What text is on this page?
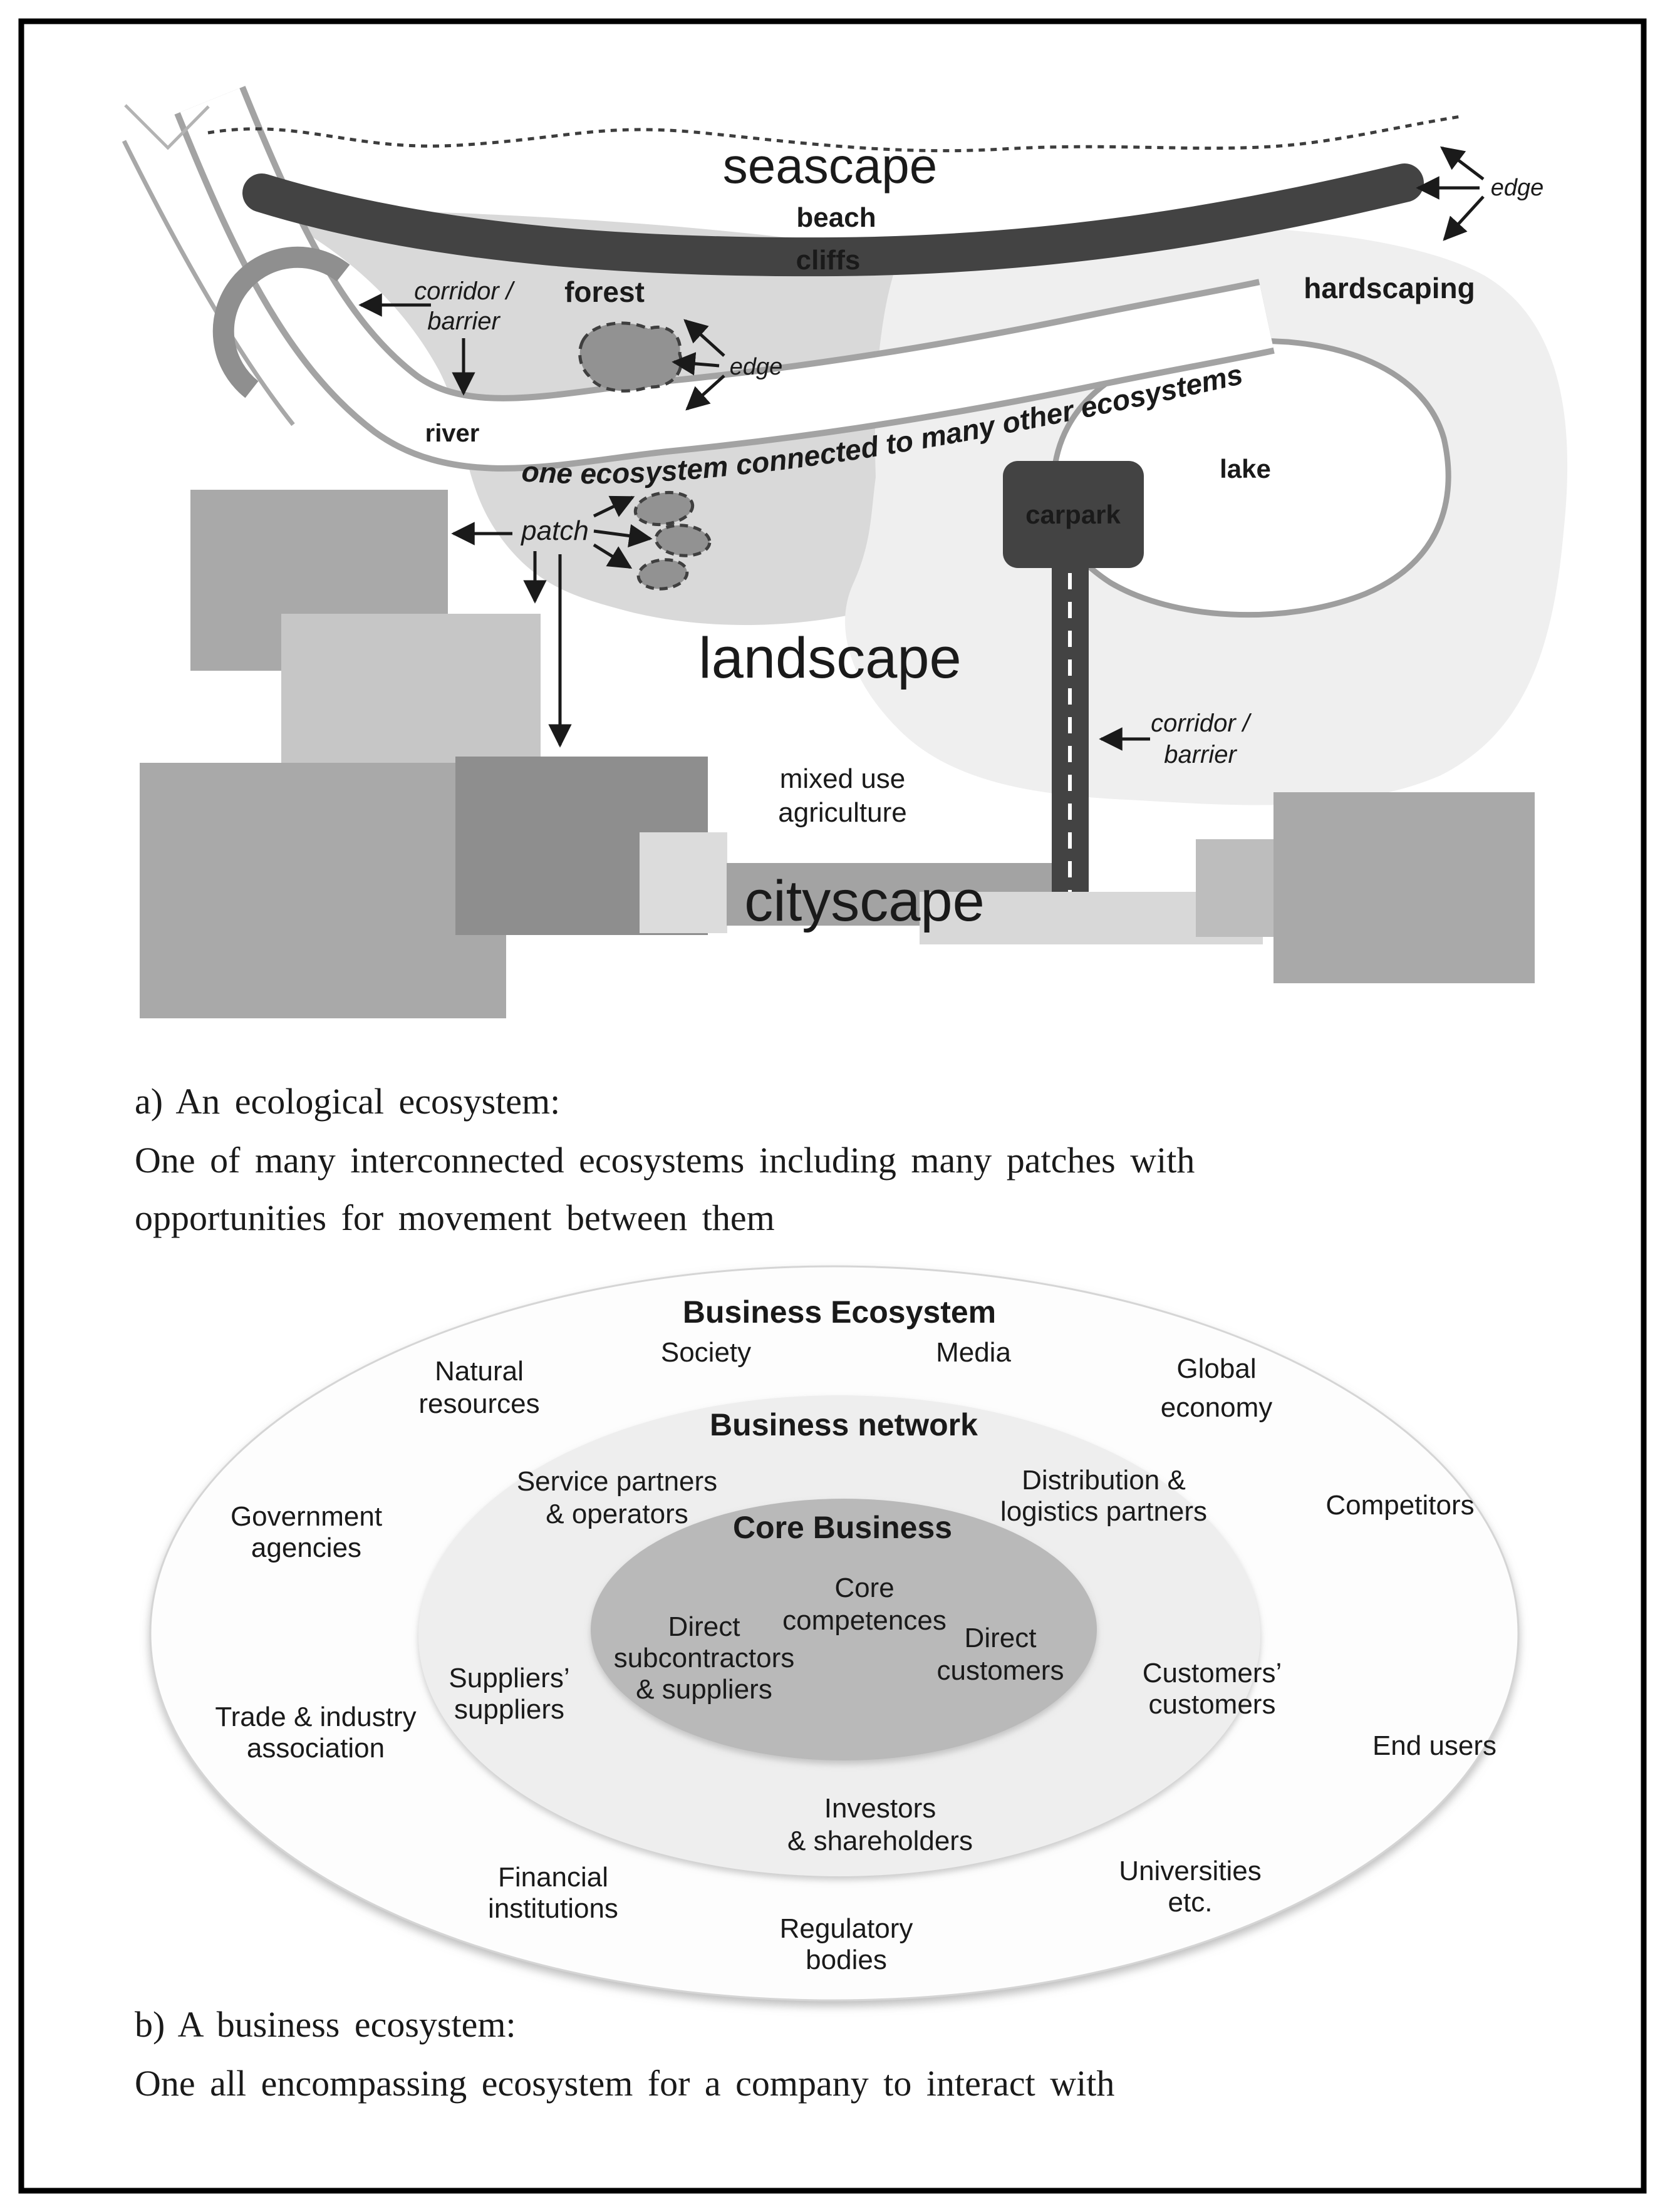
seascape	edge
beach
cliffs
corridor /
barrier
forest
edge
river
one ecosystem connected to many other ecosystems
hardscaping
lake
carpark
patch
landscape
mixed use
agriculture
cityscape
corridor /
barrier
a) An ecological ecosystem:
One of many interconnected ecosystems including many patches with
opportunities for movement between them
Business Ecosystem
Society	Media
Natural
resources
Global
economy
Business network
Service partners
& operators
Distribution &
logistics partners
Government
agencies
Competitors
Core Business
Core
competences
Direct
subcontractors
& suppliers
Direct
customers
Suppliers’
suppliers
Customers’
customers
Trade & industry
association	End users
Investors
& shareholders
Financial
institutions
Universities
etc.
Regulatory
bodies
b) A business ecosystem:
One all encompassing ecosystem for a company to interact with
